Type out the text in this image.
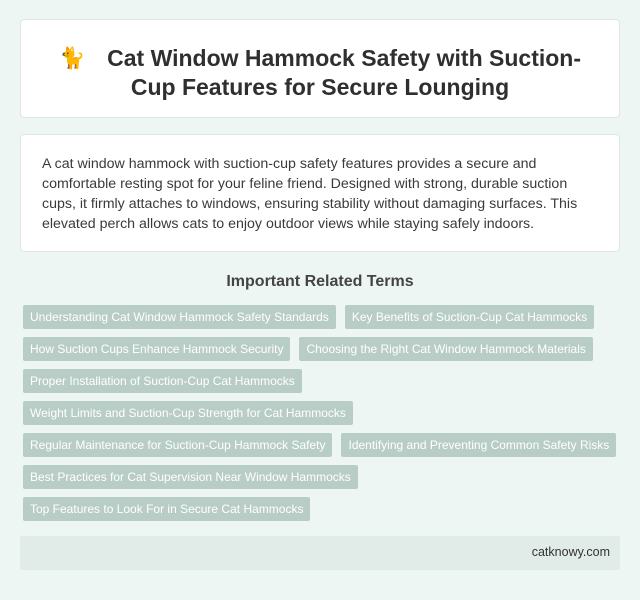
🐈 Cat Window Hammock Safety with Suction-Cup Features for Secure Lounging

A cat window hammock with suction-cup safety features provides a secure and comfortable resting spot for your feline friend. Designed with strong, durable suction cups, it firmly attaches to windows, ensuring stability without damaging surfaces. This elevated perch allows cats to enjoy outdoor views while staying safely indoors.

Important Related Terms
Understanding Cat Window Hammock Safety Standards	Key Benefits of Suction-Cup Cat Hammocks
How Suction Cups Enhance Hammock Security	Choosing the Right Cat Window Hammock Materials
Proper Installation of Suction-Cup Cat Hammocks
Weight Limits and Suction-Cup Strength for Cat Hammocks
Regular Maintenance for Suction-Cup Hammock Safety	Identifying and Preventing Common Safety Risks
Best Practices for Cat Supervision Near Window Hammocks
Top Features to Look For in Secure Cat Hammocks
catknowy.com
